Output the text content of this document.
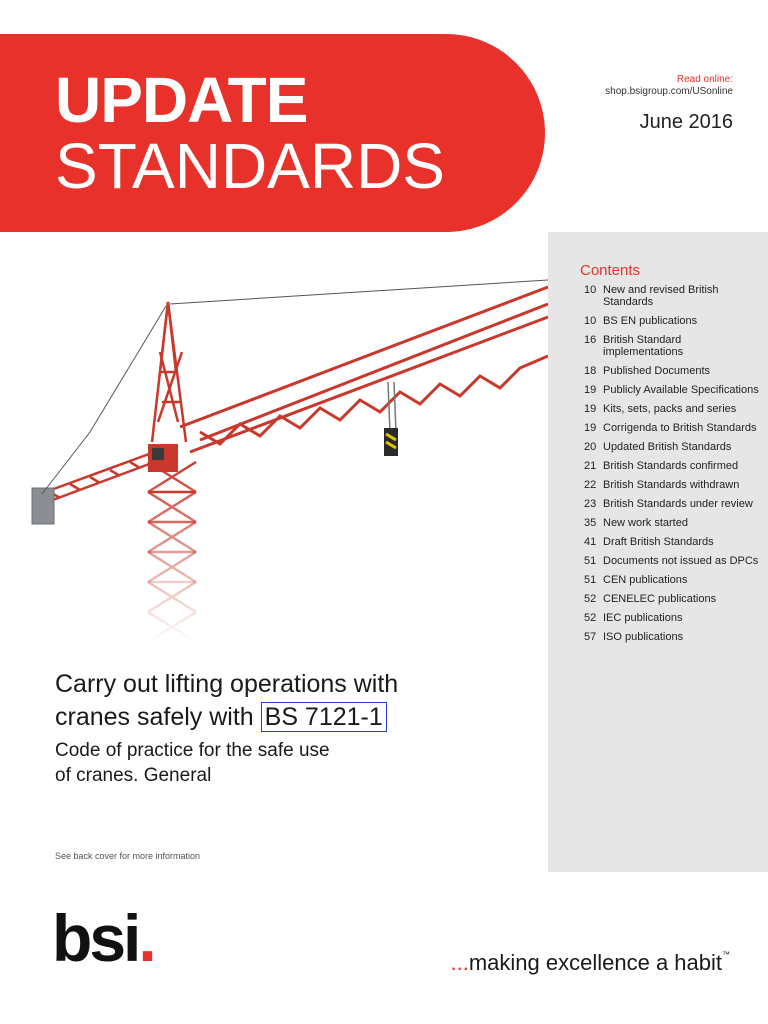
UPDATE
STANDARDS
Read online:
shop.bsigroup.com/USonline
June 2016
Contents
10 New and revised British Standards
10 BS EN publications
16 British Standard implementations
18 Published Documents
19 Publicly Available Specifications
19 Kits, sets, packs and series
19 Corrigenda to British Standards
20 Updated British Standards
21 British Standards confirmed
22 British Standards withdrawn
23 British Standards under review
35 New work started
41 Draft British Standards
51 Documents not issued as DPCs
51 CEN publications
52 CENELEC publications
52 IEC publications
57 ISO publications
Carry out lifting operations with
cranes safely with BS 7121-1
Code of practice for the safe use
of cranes. General
See back cover for more information
bsi.	...making excellence a habit™
